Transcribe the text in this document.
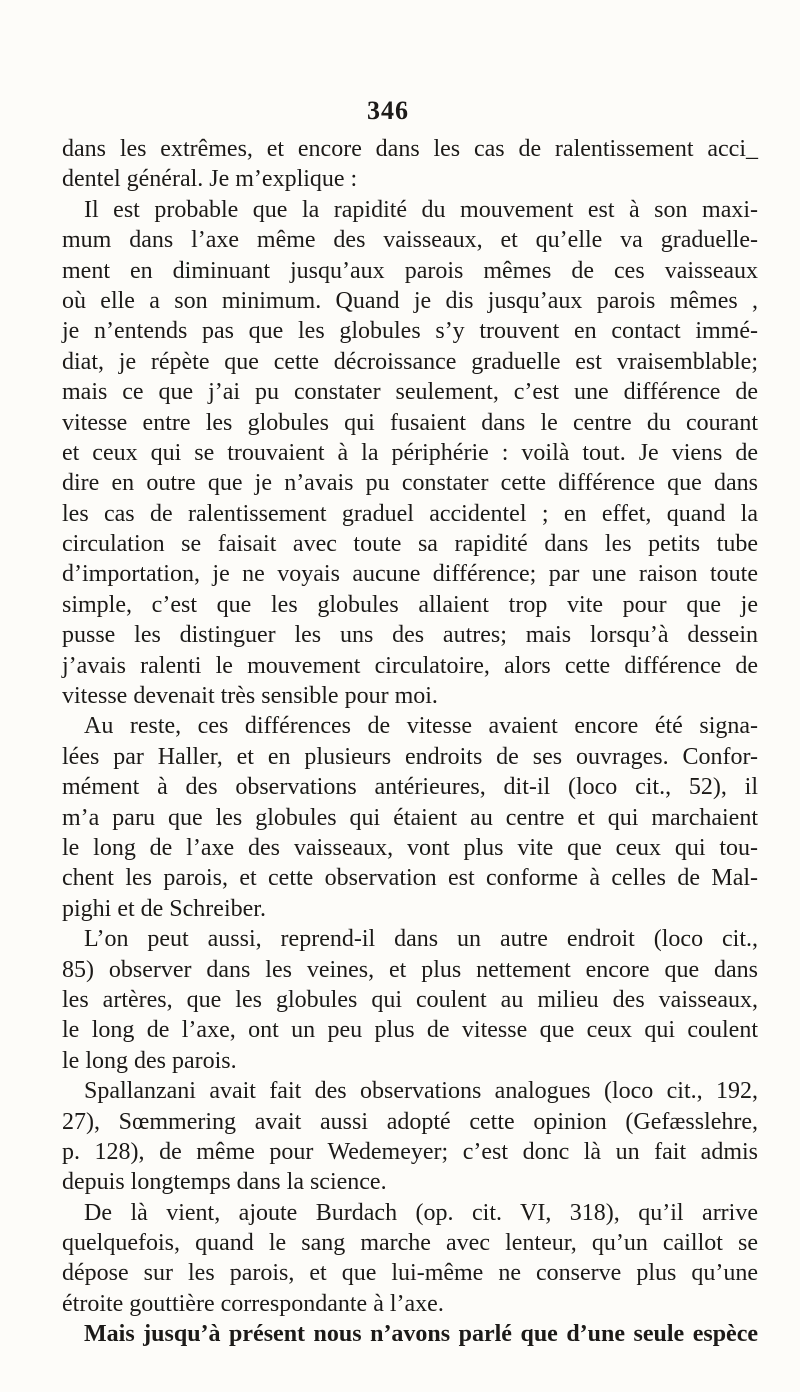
346
dans les extrêmes, et encore dans les cas de ralentissement acci_
dentel général. Je m’explique :
Il est probable que la rapidité du mouvement est à son maxi-
mum dans l’axe même des vaisseaux, et qu’elle va graduelle-
ment en diminuant jusqu’aux parois mêmes de ces vaisseaux
où elle a son minimum. Quand je dis jusqu’aux parois mêmes ,
je n’entends pas que les globules s’y trouvent en contact immé-
diat, je répète que cette décroissance graduelle est vraisemblable;
mais ce que j’ai pu constater seulement, c’est une différence de
vitesse entre les globules qui fusaient dans le centre du courant
et ceux qui se trouvaient à la périphérie : voilà tout. Je viens de
dire en outre que je n’avais pu constater cette différence que dans
les cas de ralentissement graduel accidentel ; en effet, quand la
circulation se faisait avec toute sa rapidité dans les petits tube
d’importation, je ne voyais aucune différence; par une raison toute
simple, c’est que les globules allaient trop vite pour que je
pusse les distinguer les uns des autres; mais lorsqu’à dessein
j’avais ralenti le mouvement circulatoire, alors cette différence de
vitesse devenait très sensible pour moi.
Au reste, ces différences de vitesse avaient encore été signa-
lées par Haller, et en plusieurs endroits de ses ouvrages. Confor-
mément à des observations antérieures, dit-il (loco cit., 52), il
m’a paru que les globules qui étaient au centre et qui marchaient
le long de l’axe des vaisseaux, vont plus vite que ceux qui tou-
chent les parois, et cette observation est conforme à celles de Mal-
pighi et de Schreiber.
L’on peut aussi, reprend-il dans un autre endroit (loco cit.,
85) observer dans les veines, et plus nettement encore que dans
les artères, que les globules qui coulent au milieu des vaisseaux,
le long de l’axe, ont un peu plus de vitesse que ceux qui coulent
le long des parois.
Spallanzani avait fait des observations analogues (loco cit., 192,
27), Sœmmering avait aussi adopté cette opinion (Gefæsslehre,
p. 128), de même pour Wedemeyer; c’est donc là un fait admis
depuis longtemps dans la science.
De là vient, ajoute Burdach (op. cit. VI, 318), qu’il arrive
quelquefois, quand le sang marche avec lenteur, qu’un caillot se
dépose sur les parois, et que lui-même ne conserve plus qu’une
étroite gouttière correspondante à l’axe.
Mais jusqu’à présent nous n’avons parlé que d’une seule espèce
